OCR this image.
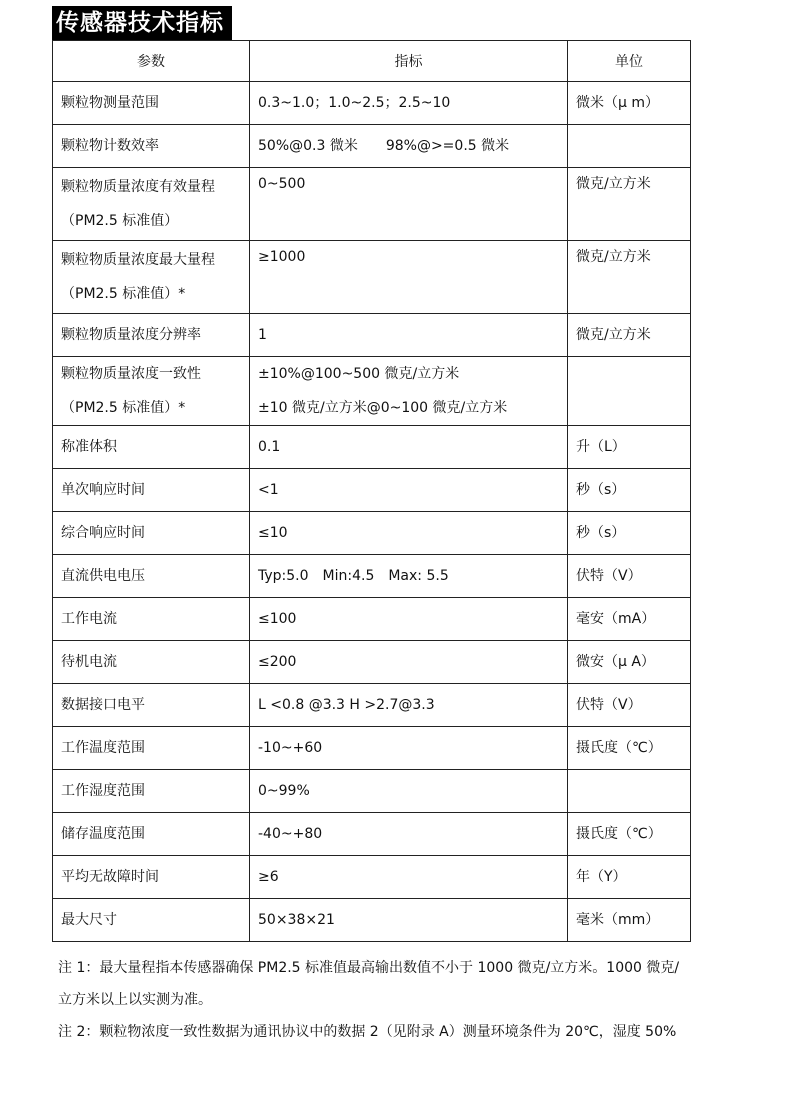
传感器技术指标
参数	指标	单位
颗粒物测量范围	0.3~1.0；1.0~2.5；2.5~10	微米（μ m）
颗粒物计数效率	50%@0.3 微米　　98%@>=0.5 微米	
颗粒物质量浓度有效量程（PM2.5 标准值）	0~500	微克/立方米
颗粒物质量浓度最大量程（PM2.5 标准值）*	≥1000	微克/立方米
颗粒物质量浓度分辨率	1	微克/立方米
颗粒物质量浓度一致性（PM2.5 标准值）*	±10%@100~500 微克/立方米
±10 微克/立方米@0~100 微克/立方米	

称准体积	0.1	升（L）
单次响应时间	<1	秒（s）
综合响应时间	≤10	秒（s）
直流供电电压	Typ:5.0　Min:4.5　Max: 5.5	伏特（V）
工作电流	≤100	毫安（mA）
待机电流	≤200	微安（μ A）
数据接口电平	L <0.8 @3.3 H >2.7@3.3	伏特（V）
工作温度范围	-10~+60	摄氏度（℃）
工作湿度范围	0~99%	
储存温度范围	-40~+80	摄氏度（℃）
平均无故障时间	≥6	年（Y）
最大尺寸	50×38×21	毫米（mm）

注 1：最大量程指本传感器确保 PM2.5 标准值最高输出数值不小于 1000 微克/立方米。1000 微克/立方米以上以实测为准。

注 2：颗粒物浓度一致性数据为通讯协议中的数据 2（见附录 A）测量环境条件为 20℃，湿度 50%
